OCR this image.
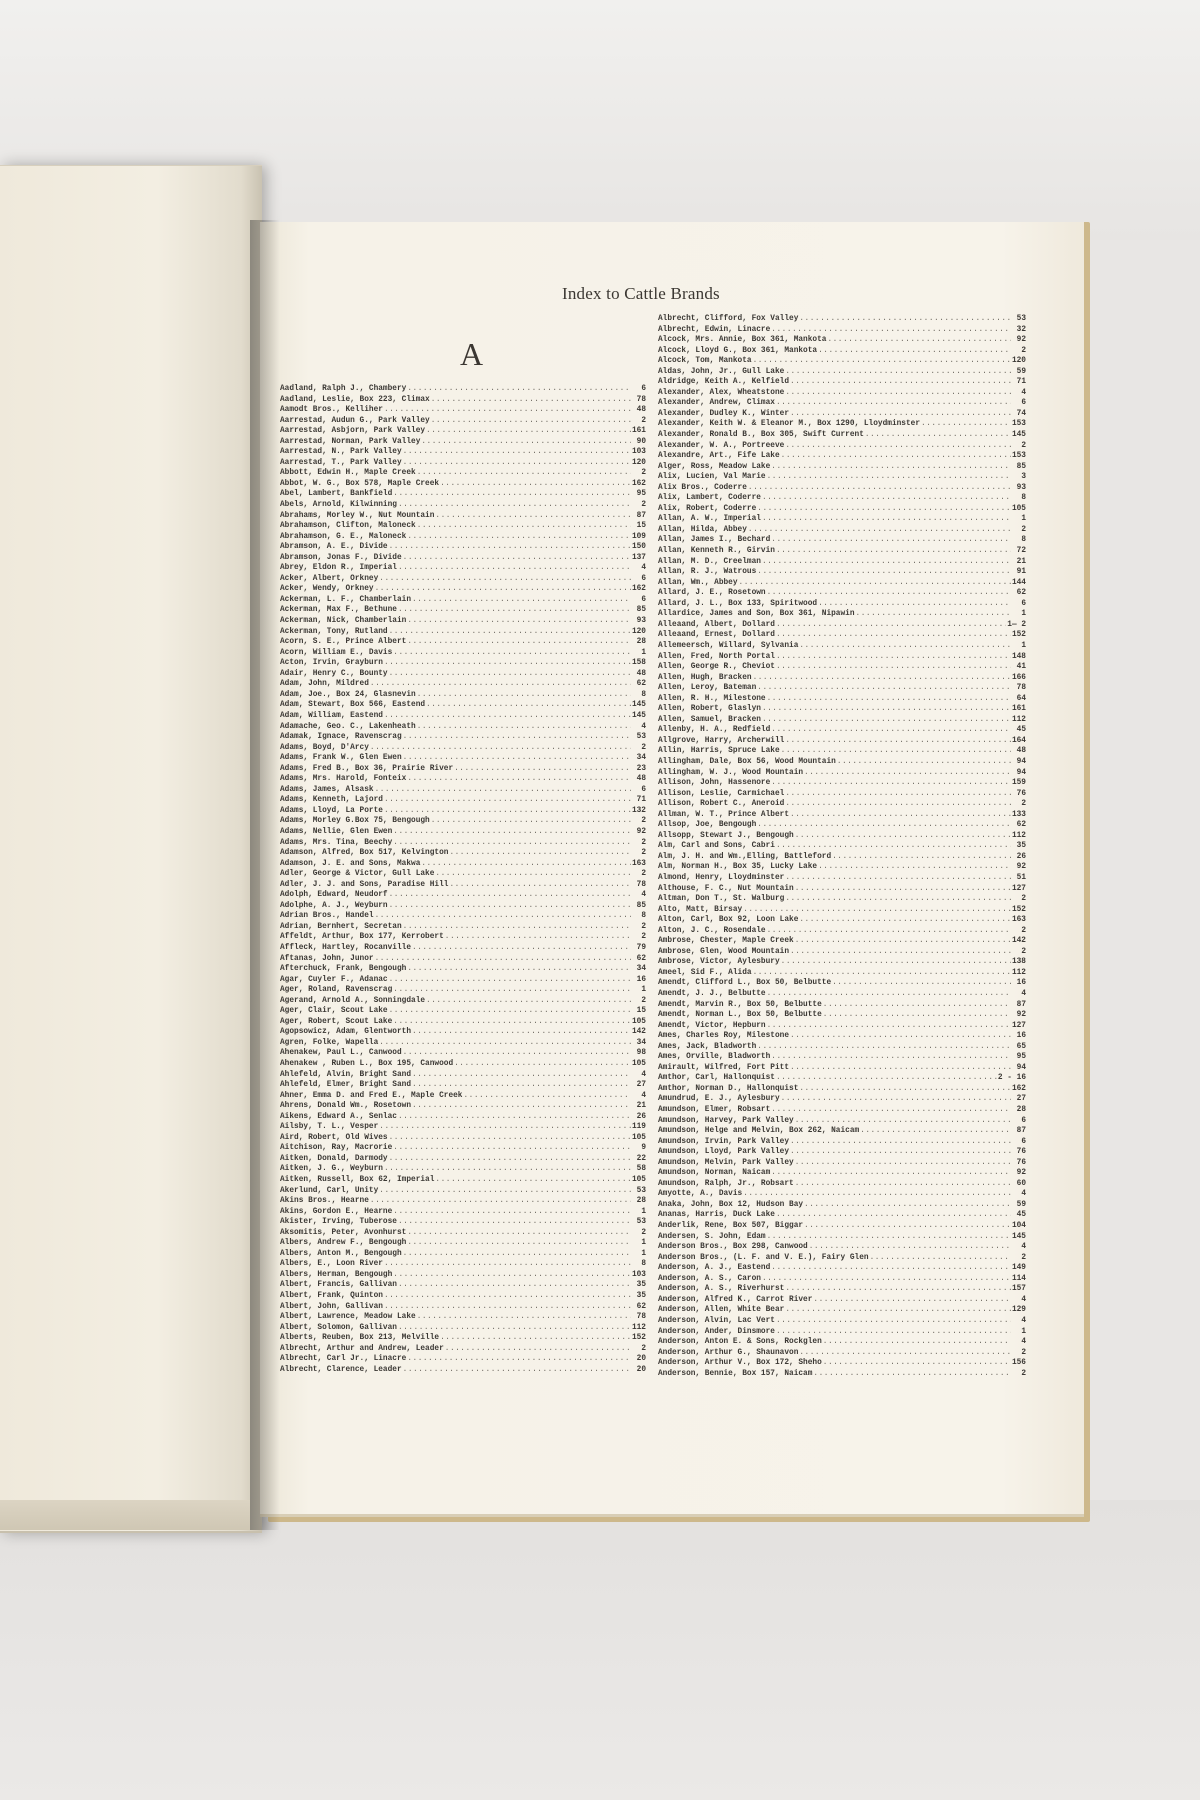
Index to Cattle Brands
A
Aadland, Ralph J., Chambery .....	6
Aadland, Leslie, Box 223, Climax .....	78
Aamodt Bros., Kelliher .....	48
Aarrestad, Audun G., Park Valley .....	2
Aarrestad, Asbjorn, Park Valley .....	161
Aarrestad, Norman, Park Valley .....	90
Aarrestad, N., Park Valley .....	103
Aarrestad, T., Park Valley .....	120
Abbott, Edwin H., Maple Creek .....	2
Abbot, W. G., Box 578, Maple Creek .....	162
Abel, Lambert, Bankfield .....	95
Abels, Arnold, Kilwinning .....	2
Abrahams, Morley W., Nut Mountain .....	87
Abrahamson, Clifton, Maloneck .....	15
Abrahamson, G. E., Maloneck .....	109
Abramson, A. E., Divide .....	150
Abramson, Jonas F., Divide .....	137
Abrey, Eldon R., Imperial .....	4
Acker, Albert, Orkney .....	6
Acker, Wendy, Orkney .....	162
Ackerman, L. F., Chamberlain .....	6
Ackerman, Max F., Bethune .....	85
Ackerman, Nick, Chamberlain .....	93
Ackerman, Tony, Rutland .....	120
Acorn, S. E., Prince Albert .....	28
Acorn, William E., Davis .....	1
Acton, Irvin, Grayburn .....	158
Adair, Henry C., Bounty .....	48
Adam, John, Mildred .....	62
Adam, Joe., Box 24, Glasnevin .....	8
Adam, Stewart, Box 566, Eastend .....	145
Adam, William, Eastend .....	145
Adamache, Geo. C., Lakenheath .....	4
Adamak, Ignace, Ravenscrag .....	53
Adams, Boyd, D'Arcy .....	2
Adams, Frank W., Glen Ewen .....	34
Adams, Fred B., Box 36, Prairie River .....	23
Adams, Mrs. Harold, Fonteix .....	48
Adams, James, Alsask .....	6
Adams, Kenneth, Lajord .....	71
Adams, Lloyd, La Porte .....	132
Adams, Morley G.Box 75, Bengough .....	2
Adams, Nellie, Glen Ewen .....	92
Adams, Mrs. Tina, Beechy .....	2
Adamson, Alfred, Box 517, Kelvington .....	2
Adamson, J. E. and Sons, Makwa .....	163
Adler, George & Victor, Gull Lake .....	2
Adler, J. J. and Sons, Paradise Hill .....	78
Adolph, Edward, Neudorf .....	4
Adolphe, A. J., Weyburn .....	85
Adrian Bros., Handel .....	8
Adrian, Bernhert, Secretan .....	2
Affeldt, Arthur, Box 177, Kerrobert .....	2
Affleck, Hartley, Rocanville .....	79
Aftanas, John, Junor .....	62
Afterchuck, Frank, Bengough .....	34
Agar, Cuyler F., Adanac .....	16
Ager, Roland, Ravenscrag .....	1
Agerand, Arnold A., Sonningdale .....	2
Ager, Clair, Scout Lake .....	15
Ager, Robert, Scout Lake .....	105
Agopsowicz, Adam, Glentworth .....	142
Agren, Folke, Wapella .....	34
Ahenakew, Paul L., Canwood .....	98
Ahenakew , Ruben L., Box 195, Canwood .....	105
Ahlefeld, Alvin, Bright Sand .....	4
Ahlefeld, Elmer, Bright Sand .....	27
Ahner, Emma D. and Fred E., Maple Creek .....	4
Ahrens, Donald Wm., Rosetown .....	21
Aikens, Edward A., Senlac .....	26
Ailsby, T. L., Vesper .....	119
Aird, Robert, Old Wives .....	105
Aitchison, Ray, Macrorie .....	9
Aitken, Donald, Darmody .....	22
Aitken, J. G., Weyburn .....	58
Aitken, Russell, Box 62, Imperial .....	105
Akerlund, Carl, Unity .....	53
Akins Bros., Hearne .....	28
Akins, Gordon E., Hearne .....	1
Akister, Irving, Tuberose .....	53
Aksomitis, Peter, Avonhurst .....	2
Albers, Andrew F., Bengough .....	1
Albers, Anton M., Bengough .....	1
Albers, E., Loon River .....	8
Albers, Herman, Bengough .....	103
Albert, Francis, Gallivan .....	35
Albert, Frank, Quinton .....	35
Albert, John, Gallivan .....	62
Albert, Lawrence, Meadow Lake .....	78
Albert, Solomon, Gallivan .....	112
Alberts, Reuben, Box 213, Melville .....	152
Albrecht, Arthur and Andrew, Leader .....	2
Albrecht, Carl Jr., Linacre .....	20
Albrecht, Clarence, Leader .....	20
Albrecht, Clifford, Fox Valley .....	53
Albrecht, Edwin, Linacre .....	32
Alcock, Mrs. Annie, Box 361, Mankota .....	92
Alcock, Lloyd G., Box 361, Mankota .....	2
Alcock, Tom, Mankota .....	120
Aldas, John, Jr., Gull Lake .....	59
Aldridge, Keith A., Kelfield .....	71
Alexander, Alex, Wheatstone .....	4
Alexander, Andrew, Climax .....	6
Alexander, Dudley K., Winter .....	74
Alexander, Keith W. & Eleanor M., Box 1290, Lloydminster .....	153
Alexander, Ronald B., Box 305, Swift Current .....	145
Alexander, W. A., Portreeve .....	2
Alexandre, Art., Fife Lake .....	153
Alger, Ross, Meadow Lake .....	85
Alix, Lucien, Val Marie .....	3
Alix Bros., Coderre .....	93
Alix, Lambert, Coderre .....	8
Alix, Robert, Coderre .....	105
Allan, A. W., Imperial .....	1
Allan, Hilda, Abbey .....	2
Allan, James I., Bechard .....	8
Allan, Kenneth R., Girvin .....	72
Allan, M. D., Creelman .....	21
Allan, R. J., Watrous .....	91
Allan, Wm., Abbey .....	144
Allard, J. E., Rosetown .....	62
Allard, J. L., Box 133, Spiritwood .....	6
Allardice, James and Son, Box 361, Nipawin .....	1
Alleaand, Albert, Dollard .....	1— 2
Alleaand, Ernest, Dollard .....	152
Allemeersch, Willard, Sylvania .....	1
Allen, Fred, North Portal .....	148
Allen, George R., Cheviot .....	41
Allen, Hugh, Bracken .....	166
Allen, Leroy, Bateman .....	78
Allen, R. H., Milestone .....	64
Allen, Robert, Glaslyn .....	161
Allen, Samuel, Bracken .....	112
Allenby, H. A., Redfield .....	45
Allgrove, Harry, Archerwill .....	164
Allin, Harris, Spruce Lake .....	48
Allingham, Dale, Box 56, Wood Mountain .....	94
Allingham, W. J., Wood Mountain .....	94
Allison, John, Hassenore .....	159
Allison, Leslie, Carmichael .....	76
Allison, Robert C., Aneroid .....	2
Allman, W. T., Prince Albert .....	133
Allsop, Joe, Bengough .....	62
Allsopp, Stewart J., Bengough .....	112
Alm, Carl and Sons, Cabri .....	35
Alm, J. H. and Wm.,Elling, Battleford .....	26
Alm, Norman H., Box 35, Lucky Lake .....	92
Almond, Henry, Lloydminster .....	51
Althouse, F. C., Nut Mountain .....	127
Altman, Don T., St. Walburg .....	2
Alto, Matt, Birsay .....	152
Alton, Carl, Box 92, Loon Lake .....	163
Alton, J. C., Rosendale .....	2
Ambrose, Chester, Maple Creek .....	142
Ambrose, Glen, Wood Mountain .....	2
Ambrose, Victor, Aylesbury .....	138
Ameel, Sid F., Alida .....	112
Amendt, Clifford L., Box 50, Belbutte .....	16
Amendt, J. J., Belbutte .....	4
Amendt, Marvin R., Box 50, Belbutte .....	87
Amendt, Norman L., Box 50, Belbutte .....	92
Amendt, Victor, Hepburn .....	127
Ames, Charles Roy, Milestone .....	16
Ames, Jack, Bladworth .....	65
Ames, Orville, Bladworth .....	95
Amirault, Wilfred, Fort Pitt .....	94
Amthor, Carl, Hallonquist .....	2 - 16
Amthor, Norman D., Hallonquist .....	162
Amundrud, E. J., Aylesbury .....	27
Amundson, Elmer, Robsart .....	28
Amundson, Harvey, Park Valley .....	6
Amundson, Helge and Melvin, Box 262, Naicam .....	87
Amundson, Irvin, Park Valley .....	6
Amundson, Lloyd, Park Valley .....	76
Amundson, Melvin, Park Valley .....	76
Amundson, Norman, Naicam .....	92
Amundson, Ralph, Jr., Robsart .....	60
Amyotte, A., Davis .....	4
Anaka, John, Box 12, Hudson Bay .....	59
Ananas, Harris, Duck Lake .....	45
Anderlik, Rene, Box 507, Biggar .....	104
Andersen, S. John, Edam .....	145
Anderson Bros., Box 298, Canwood .....	4
Anderson Bros., (L. F. and V. E.), Fairy Glen .....	2
Anderson, A. J., Eastend .....	149
Anderson, A. S., Caron .....	114
Anderson, A. S., Riverhurst .....	157
Anderson, Alfred K., Carrot River .....	4
Anderson, Allen, White Bear .....	129
Anderson, Alvin, Lac Vert .....	4
Anderson, Ander, Dinsmore .....	1
Anderson, Anton E. & Sons, Rockglen .....	4
Anderson, Arthur G., Shaunavon .....	2
Anderson, Arthur V., Box 172, Sheho .....	156
Anderson, Bennie, Box 157, Naicam .....	2
